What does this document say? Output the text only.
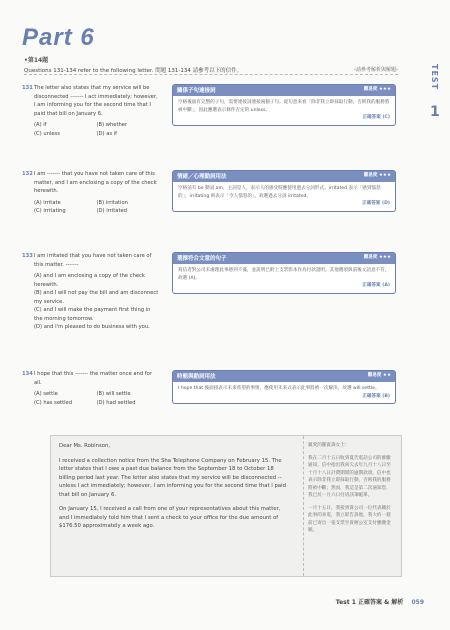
Part 6
•第14題
Questions 131-134 refer to the following letter. 問題 131-134 請參考以下的信件。	‹請參考解析與解題›	TEST
1
131 The letter also states that my service will be disconnected ------- I act immediately; however, I am informing you for the second time that I paid that bill on January 6.
(A) if	(B) whether
(C) unless	(D) as if
132 I am ------- that you have not taken care of this matter, and I am enclosing a copy of the check herewith.
(A) irritate	(B) irritation
(C) irritating	(D) irritated
133 I am irritated that you have not taken care of this matter. -------
(A) and I am enclosing a copy of the check herewith.
(B) and I will not pay the bill and am disconnect my service.
(C) and I will make the payment first thing in the morning tomorrow.
(D) and I'm pleased to do business with you.
134 I hope that this ------- the matter once and for all.
(A) settle	(B) will settle
(C) has settled	(D) had settled
關係子句連接詞	難易度 ★★★
空格後面有完整的子句，需要連接詞連接兩個子句。從句意來看「除非我立即採取行動，否則我的服務將被中斷」，因此應選表示條件否定的 unless。
正確答案 (C)
情緒／心理動詞用法	難易度 ★★★
空格前有 be 動詞 am，主詞是人，表示人的感受時應使用過去分詞形式。irritated 表示「感到惱怒的」，irritating 則表示「令人惱怒的」。故選過去分詞 irritated。
正確答案 (D)
選擇符合文意的句子	難易度 ★★★
寫信者對公司未處理此事感到不滿，並說明已附上支票影本作為付款證明。其他選項與前後文語意不符，故選 (A)。
正確答案 (A)
時態與動詞用法	難易度 ★★
I hope that 後面接表示未來希望的事情，應使用未來式表示此事將被一次解決，故選 will settle。
正確答案 (B)

Dear Ms. Robinson,

I received a collection notice from the Sha Telephone Company on February 15. The letter states that I owe a past due balance from the September 18 to October 18 billing period last year. The letter also states that my service will be disconnected -- unless I act immediately; however, I am informing you for the second time that I paid that bill on January 6.

On January 15, I received a call from one of your representatives about this matter, and I immediately told him that I sent a check to your office for the due amount of $176.50 approximately a week ago.

親愛的羅賓森女士：

我在二月十五日收到夏氏電話公司的催繳通知。信中指出我尚欠去年九月十八日至十月十八日計費期間的逾期款項。信中也表示除非我立即採取行動，否則我的服務將被中斷；然而，我這是第二次通知您，我已於一月六日付清該筆帳單。

一月十五日，我接到貴公司一位代表關於此事的來電，我立即告訴他，我大約一週前已寄出一張支票至貴辦公室支付應繳金額。

Test 1 正確答案 & 解析 059
